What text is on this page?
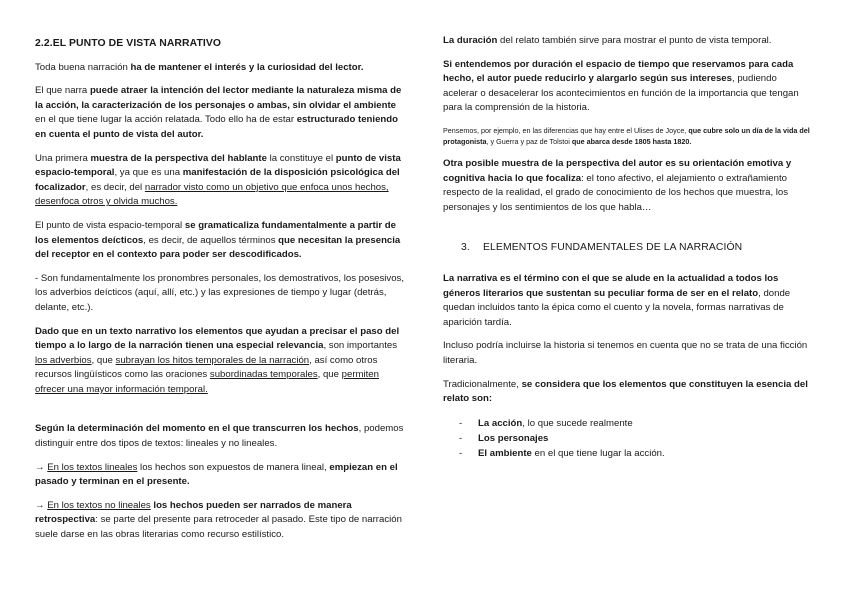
2.2.EL PUNTO DE VISTA NARRATIVO

Toda buena narración ha de mantener el interés y la curiosidad del lector.

El que narra puede atraer la intención del lector mediante la naturaleza misma de la acción, la caracterización de los personajes o ambas, sin olvidar el ambiente en el que tiene lugar la acción relatada. Todo ello ha de estar estructurado teniendo en cuenta el punto de vista del autor.

Una primera muestra de la perspectiva del hablante la constituye el punto de vista espacio-temporal, ya que es una manifestación de la disposición psicológica del focalizador, es decir, del narrador visto como un objetivo que enfoca unos hechos, desenfoca otros y olvida muchos.

El punto de vista espacio-temporal se gramaticaliza fundamentalmente a partir de los elementos deícticos, es decir, de aquellos términos que necesitan la presencia del receptor en el contexto para poder ser descodificados.

- Son fundamentalmente los pronombres personales, los demostrativos, los posesivos, los adverbios deícticos (aquí, allí, etc.) y las expresiones de tiempo y lugar (detrás, delante, etc.).

Dado que en un texto narrativo los elementos que ayudan a precisar el paso del tiempo a lo largo de la narración tienen una especial relevancia, son importantes los adverbios, que subrayan los hitos temporales de la narración, así como otros recursos lingüísticos como las oraciones subordinadas temporales, que permiten ofrecer una mayor información temporal.

Según la determinación del momento en el que transcurren los hechos, podemos distinguir entre dos tipos de textos: lineales y no lineales.

→ En los textos lineales los hechos son expuestos de manera lineal, empiezan en el pasado y terminan en el presente.

→ En los textos no lineales los hechos pueden ser narrados de manera retrospectiva: se parte del presente para retroceder al pasado. Este tipo de narración suele darse en las obras literarias como recurso estilístico.

La duración del relato también sirve para mostrar el punto de vista temporal.

Si entendemos por duración el espacio de tiempo que reservamos para cada hecho, el autor puede reducirlo y alargarlo según sus intereses, pudiendo acelerar o desacelerar los acontecimientos en función de la importancia que tengan para la comprensión de la historia.

Pensemos, por ejemplo, en las diferencias que hay entre el Ulises de Joyce, que cubre solo un día de la vida del protagonista, y Guerra y paz de Tolstoi que abarca desde 1805 hasta 1820.

Otra posible muestra de la perspectiva del autor es su orientación emotiva y cognitiva hacia lo que focaliza: el tono afectivo, el alejamiento o extrañamiento respecto de la realidad, el grado de conocimiento de los hechos que muestra, los personajes y los sentimientos de los que habla…

3. ELEMENTOS FUNDAMENTALES DE LA NARRACIÓN

La narrativa es el término con el que se alude en la actualidad a todos los géneros literarios que sustentan su peculiar forma de ser en el relato, donde quedan incluidos tanto la épica como el cuento y la novela, formas narrativas de aparición tardía.

Incluso podría incluirse la historia si tenemos en cuenta que no se trata de una ficción literaria.

Tradicionalmente, se considera que los elementos que constituyen la esencia del relato son:

- La acción, lo que sucede realmente
- Los personajes
- El ambiente en el que tiene lugar la acción.
